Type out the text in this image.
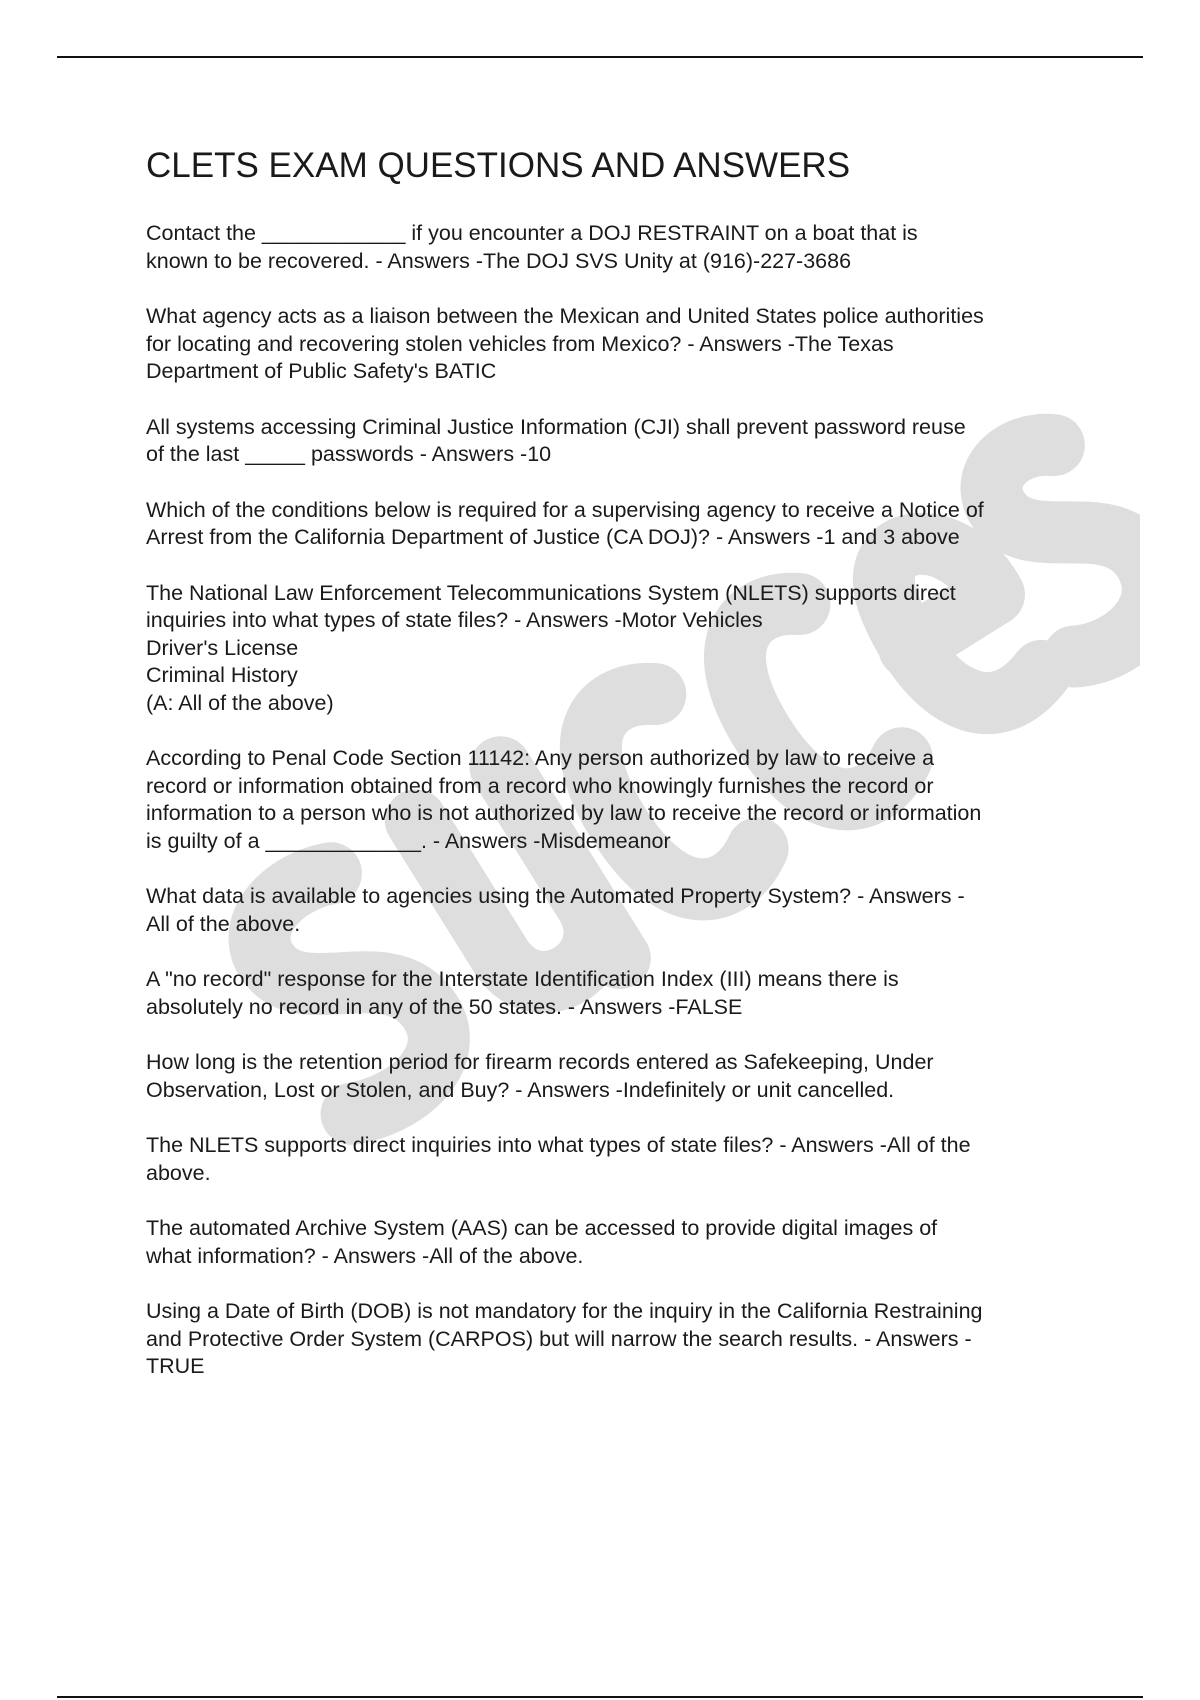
CLETS EXAM QUESTIONS AND ANSWERS

Contact the ____________ if you encounter a DOJ RESTRAINT on a boat that is
known to be recovered. - Answers -The DOJ SVS Unity at (916)-227-3686

What agency acts as a liaison between the Mexican and United States police authorities
for locating and recovering stolen vehicles from Mexico? - Answers -The Texas
Department of Public Safety's BATIC

All systems accessing Criminal Justice Information (CJI) shall prevent password reuse
of the last _____ passwords - Answers -10

Which of the conditions below is required for a supervising agency to receive a Notice of
Arrest from the California Department of Justice (CA DOJ)? - Answers -1 and 3 above

The National Law Enforcement Telecommunications System (NLETS) supports direct
inquiries into what types of state files? - Answers -Motor Vehicles
Driver's License
Criminal History
(A: All of the above)

According to Penal Code Section 11142: Any person authorized by law to receive a
record or information obtained from a record who knowingly furnishes the record or
information to a person who is not authorized by law to receive the record or information
is guilty of a _____________. - Answers -Misdemeanor

What data is available to agencies using the Automated Property System? - Answers -
All of the above.

A "no record" response for the Interstate Identification Index (III) means there is
absolutely no record in any of the 50 states. - Answers -FALSE

How long is the retention period for firearm records entered as Safekeeping, Under
Observation, Lost or Stolen, and Buy? - Answers -Indefinitely or unit cancelled.

The NLETS supports direct inquiries into what types of state files? - Answers -All of the
above.

The automated Archive System (AAS) can be accessed to provide digital images of
what information? - Answers -All of the above.

Using a Date of Birth (DOB) is not mandatory for the inquiry in the California Restraining
and Protective Order System (CARPOS) but will narrow the search results. - Answers -
TRUE
